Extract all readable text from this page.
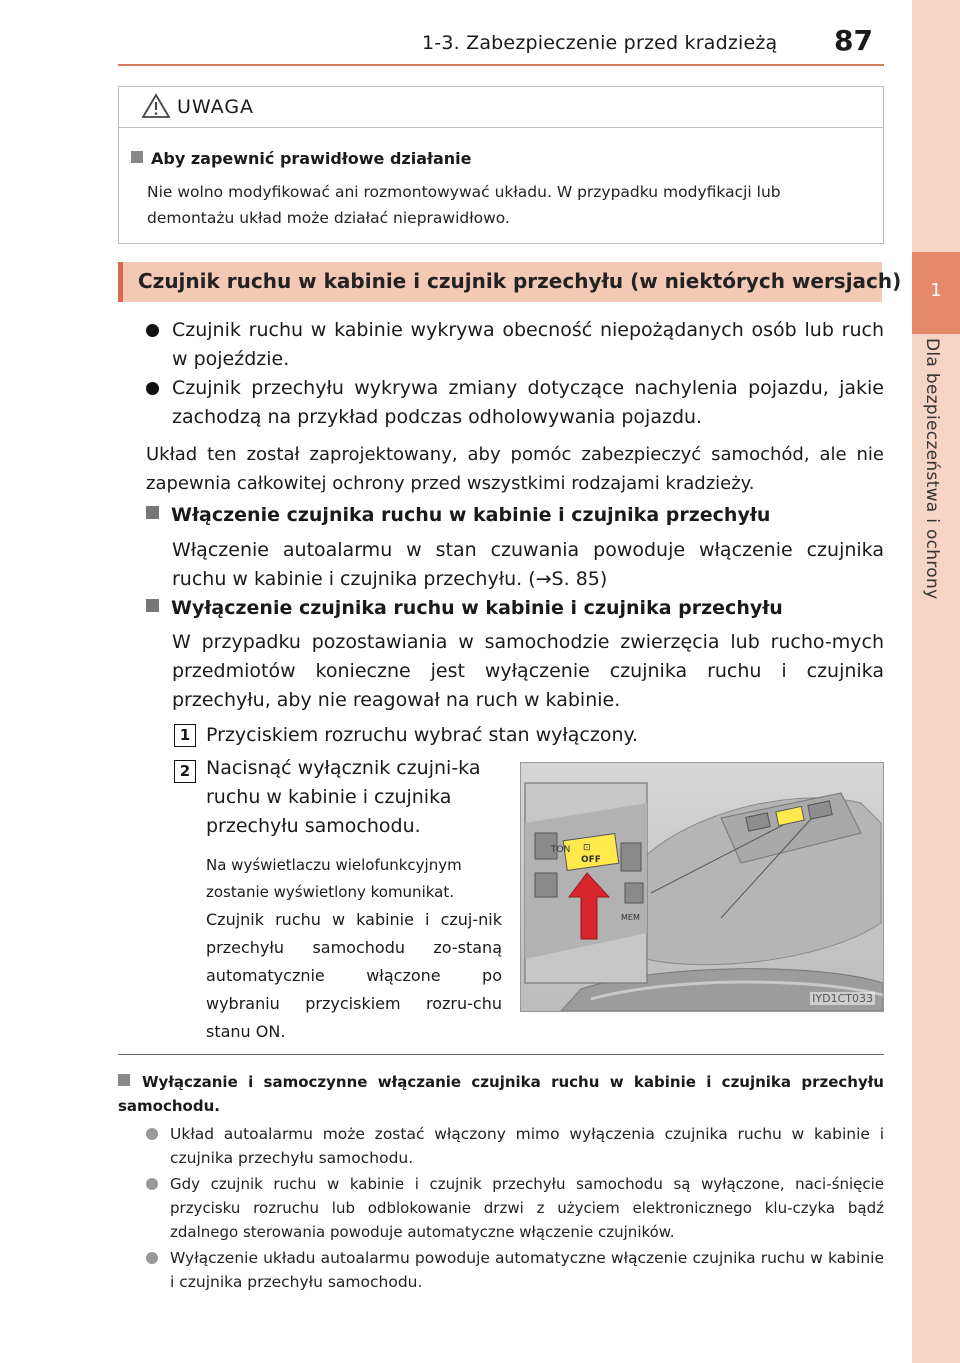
1-3. Zabezpieczenie przed kradzieżą 87
1
Dla bezpieczeństwa i ochrony
UWAGA
Aby zapewnić prawidłowe działanie
Nie wolno modyfikować ani rozmontowywać układu. W przypadku modyfikacji lub demontażu układ może działać nieprawidłowo.
Czujnik ruchu w kabinie i czujnik przechyłu (w niektórych wersjach)
Czujnik ruchu w kabinie wykrywa obecność niepożądanych osób lub ruch w pojeździe.
Czujnik przechyłu wykrywa zmiany dotyczące nachylenia pojazdu, jakie zachodzą na przykład podczas odholowywania pojazdu.
Układ ten został zaprojektowany, aby pomóc zabezpieczyć samochód, ale nie zapewnia całkowitej ochrony przed wszystkimi rodzajami kradzieży.
Włączenie czujnika ruchu w kabinie i czujnika przechyłu
Włączenie autoalarmu w stan czuwania powoduje włączenie czujnika ruchu w kabinie i czujnika przechyłu. (→S. 85)
Wyłączenie czujnika ruchu w kabinie i czujnika przechyłu
W przypadku pozostawiania w samochodzie zwierzęcia lub rucho-mych przedmiotów konieczne jest wyłączenie czujnika ruchu i czujnika przechyłu, aby nie reagował na ruch w kabinie.
1 Przyciskiem rozruchu wybrać stan wyłączony.
2 Nacisnąć wyłącznik czujni-ka ruchu w kabinie i czujnika przechyłu samochodu.
Na wyświetlaczu wielofunkcyjnym zostanie wyświetlony komunikat.
Czujnik ruchu w kabinie i czuj-nik przechyłu samochodu zo-staną automatycznie włączone po wybraniu przyciskiem rozru-chu stanu ON.
TON
MEM
⊡
OFF
IYD1CT033
Wyłączanie i samoczynne włączanie czujnika ruchu w kabinie i czujnika przechyłu samochodu.
Układ autoalarmu może zostać włączony mimo wyłączenia czujnika ruchu w kabinie i czujnika przechyłu samochodu.
Gdy czujnik ruchu w kabinie i czujnik przechyłu samochodu są wyłączone, naci-śnięcie przycisku rozruchu lub odblokowanie drzwi z użyciem elektronicznego klu-czyka bądź zdalnego sterowania powoduje automatyczne włączenie czujników.
Wyłączenie układu autoalarmu powoduje automatyczne włączenie czujnika ruchu w kabinie i czujnika przechyłu samochodu.
